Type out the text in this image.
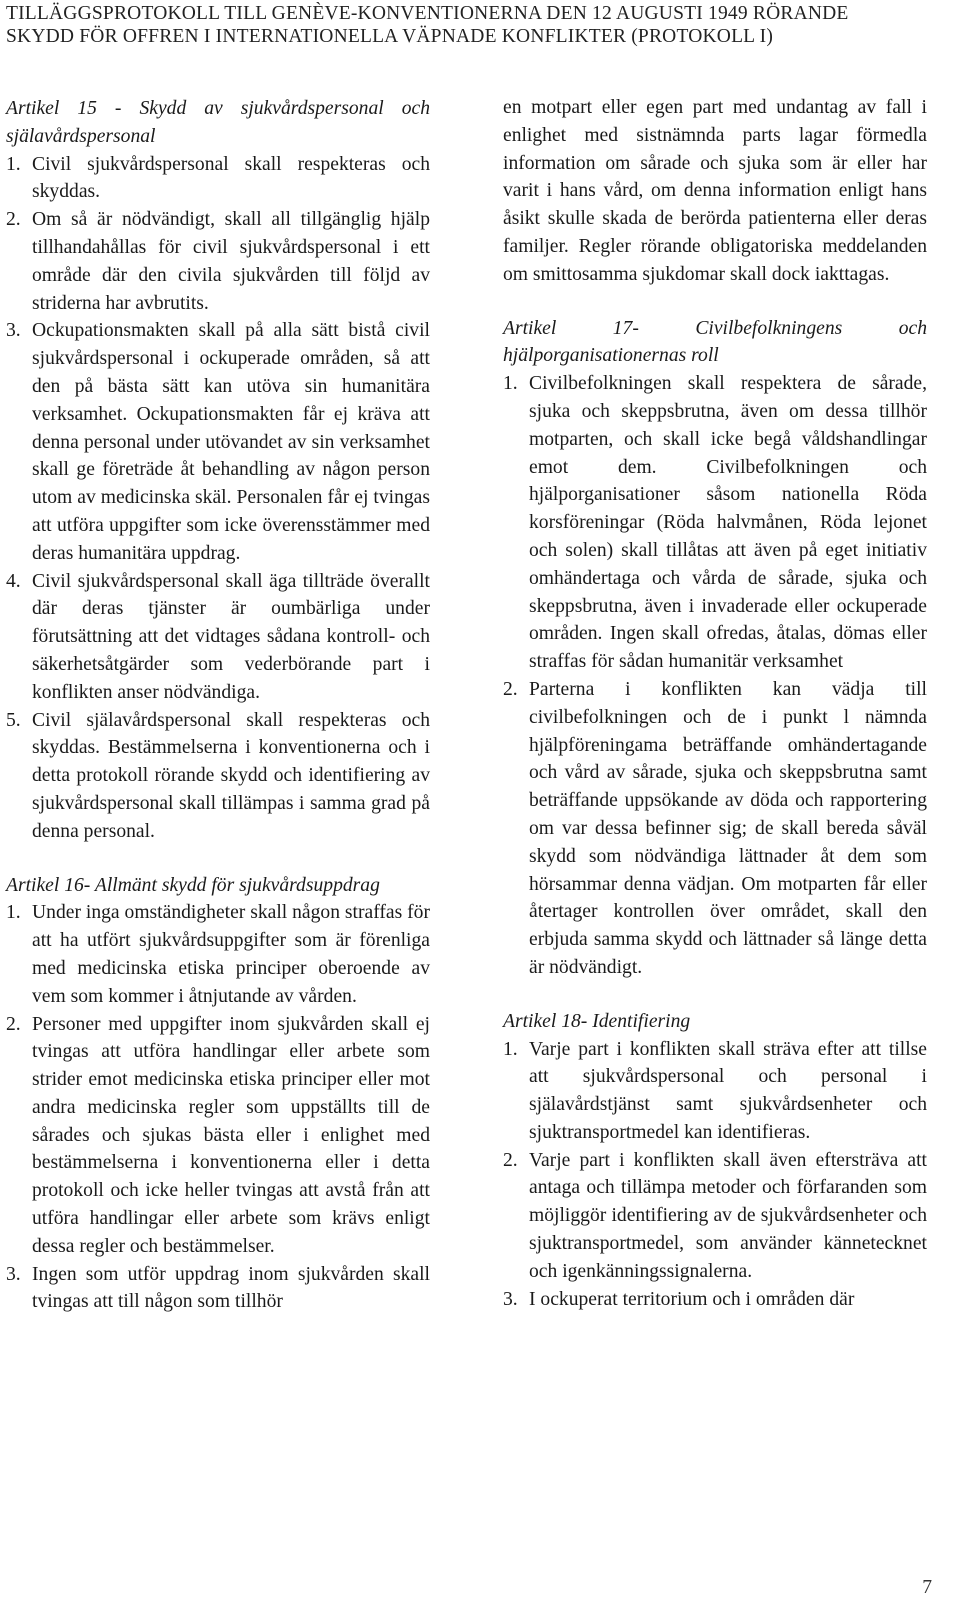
TILLÄGGSPROTOKOLL TILL GENÈVE-KONVENTIONERNA DEN 12 AUGUSTI 1949 RÖRANDE
SKYDD FÖR OFFREN I INTERNATIONELLA VÄPNADE KONFLIKTER (PROTOKOLL I)

Artikel 15 - Skydd av sjukvårdspersonal och själavårdspersonal

1. Civil sjukvårdspersonal skall respekteras och skyddas.

2. Om så är nödvändigt, skall all tillgänglig hjälp tillhandahållas för civil sjukvårdspersonal i ett område där den civila sjukvården till följd av striderna har avbrutits.

3. Ockupationsmakten skall på alla sätt bistå civil sjukvårdspersonal i ockuperade områden, så att den på bästa sätt kan utöva sin humanitära verksamhet. Ockupationsmakten får ej kräva att denna personal under utövandet av sin verksamhet skall ge företräde åt behandling av någon person utom av medicinska skäl. Personalen får ej tvingas att utföra uppgifter som icke överensstämmer med deras humanitära uppdrag.

4. Civil sjukvårdspersonal skall äga tillträde överallt där deras tjänster är oumbärliga under förutsättning att det vidtages sådana kontroll- och säkerhetsåtgärder som vederbörande part i konflikten anser nödvändiga.

5. Civil själavårdspersonal skall respekteras och skyddas. Bestämmelserna i konventionerna och i detta protokoll rörande skydd och identifiering av sjukvårdspersonal skall tillämpas i samma grad på denna personal.

Artikel 16- Allmänt skydd för sjukvårdsuppdrag

1. Under inga omständigheter skall någon straffas för att ha utfört sjukvårdsuppgifter som är förenliga med medicinska etiska principer oberoende av vem som kommer i åtnjutande av vården.

2. Personer med uppgifter inom sjukvården skall ej tvingas att utföra handlingar eller arbete som strider emot medicinska etiska principer eller mot andra medicinska regler som uppställts till de sårades och sjukas bästa eller i enlighet med bestämmelserna i konventionerna eller i detta protokoll och icke heller tvingas att avstå från att utföra handlingar eller arbete som krävs enligt dessa regler och bestämmelser.

3. Ingen som utför uppdrag inom sjukvården skall tvingas att till någon som tillhör

en motpart eller egen part med undantag av fall i enlighet med sistnämnda parts lagar förmedla information om sårade och sjuka som är eller har varit i hans vård, om denna information enligt hans åsikt skulle skada de berörda patienterna eller deras familjer. Regler rörande obligatoriska meddelanden om smittosamma sjukdomar skall dock iakttagas.

Artikel 17- Civilbefolkningens och hjälporganisationernas roll

1. Civilbefolkningen skall respektera de sårade, sjuka och skeppsbrutna, även om dessa tillhör motparten, och skall icke begå våldshandlingar emot dem. Civilbefolkningen och hjälporganisationer såsom nationella Röda korsföreningar (Röda halvmånen, Röda lejonet och solen) skall tillåtas att även på eget initiativ omhändertaga och vårda de sårade, sjuka och skeppsbrutna, även i invaderade eller ockuperade områden. Ingen skall ofredas, åtalas, dömas eller straffas för sådan humanitär verksamhet

2. Parterna i konflikten kan vädja till civilbefolkningen och de i punkt l nämnda hjälpföreningama beträffande omhändertagande och vård av sårade, sjuka och skeppsbrutna samt beträffande uppsökande av döda och rapportering om var dessa befinner sig; de skall bereda såväl skydd som nödvändiga lättnader åt dem som hörsammar denna vädjan. Om motparten får eller återtager kontrollen över området, skall den erbjuda samma skydd och lättnader så länge detta är nödvändigt.

Artikel 18- Identifiering

1. Varje part i konflikten skall sträva efter att tillse att sjukvårdspersonal och personal i själavårdstjänst samt sjukvårdsenheter och sjuktransportmedel kan identifieras.

2. Varje part i konflikten skall även eftersträva att antaga och tillämpa metoder och förfaranden som möjliggör identifiering av de sjukvårdsenheter och sjuktransportmedel, som använder kännetecknet och igenkänningssignalerna.

3. I ockuperat territorium och i områden där

7
